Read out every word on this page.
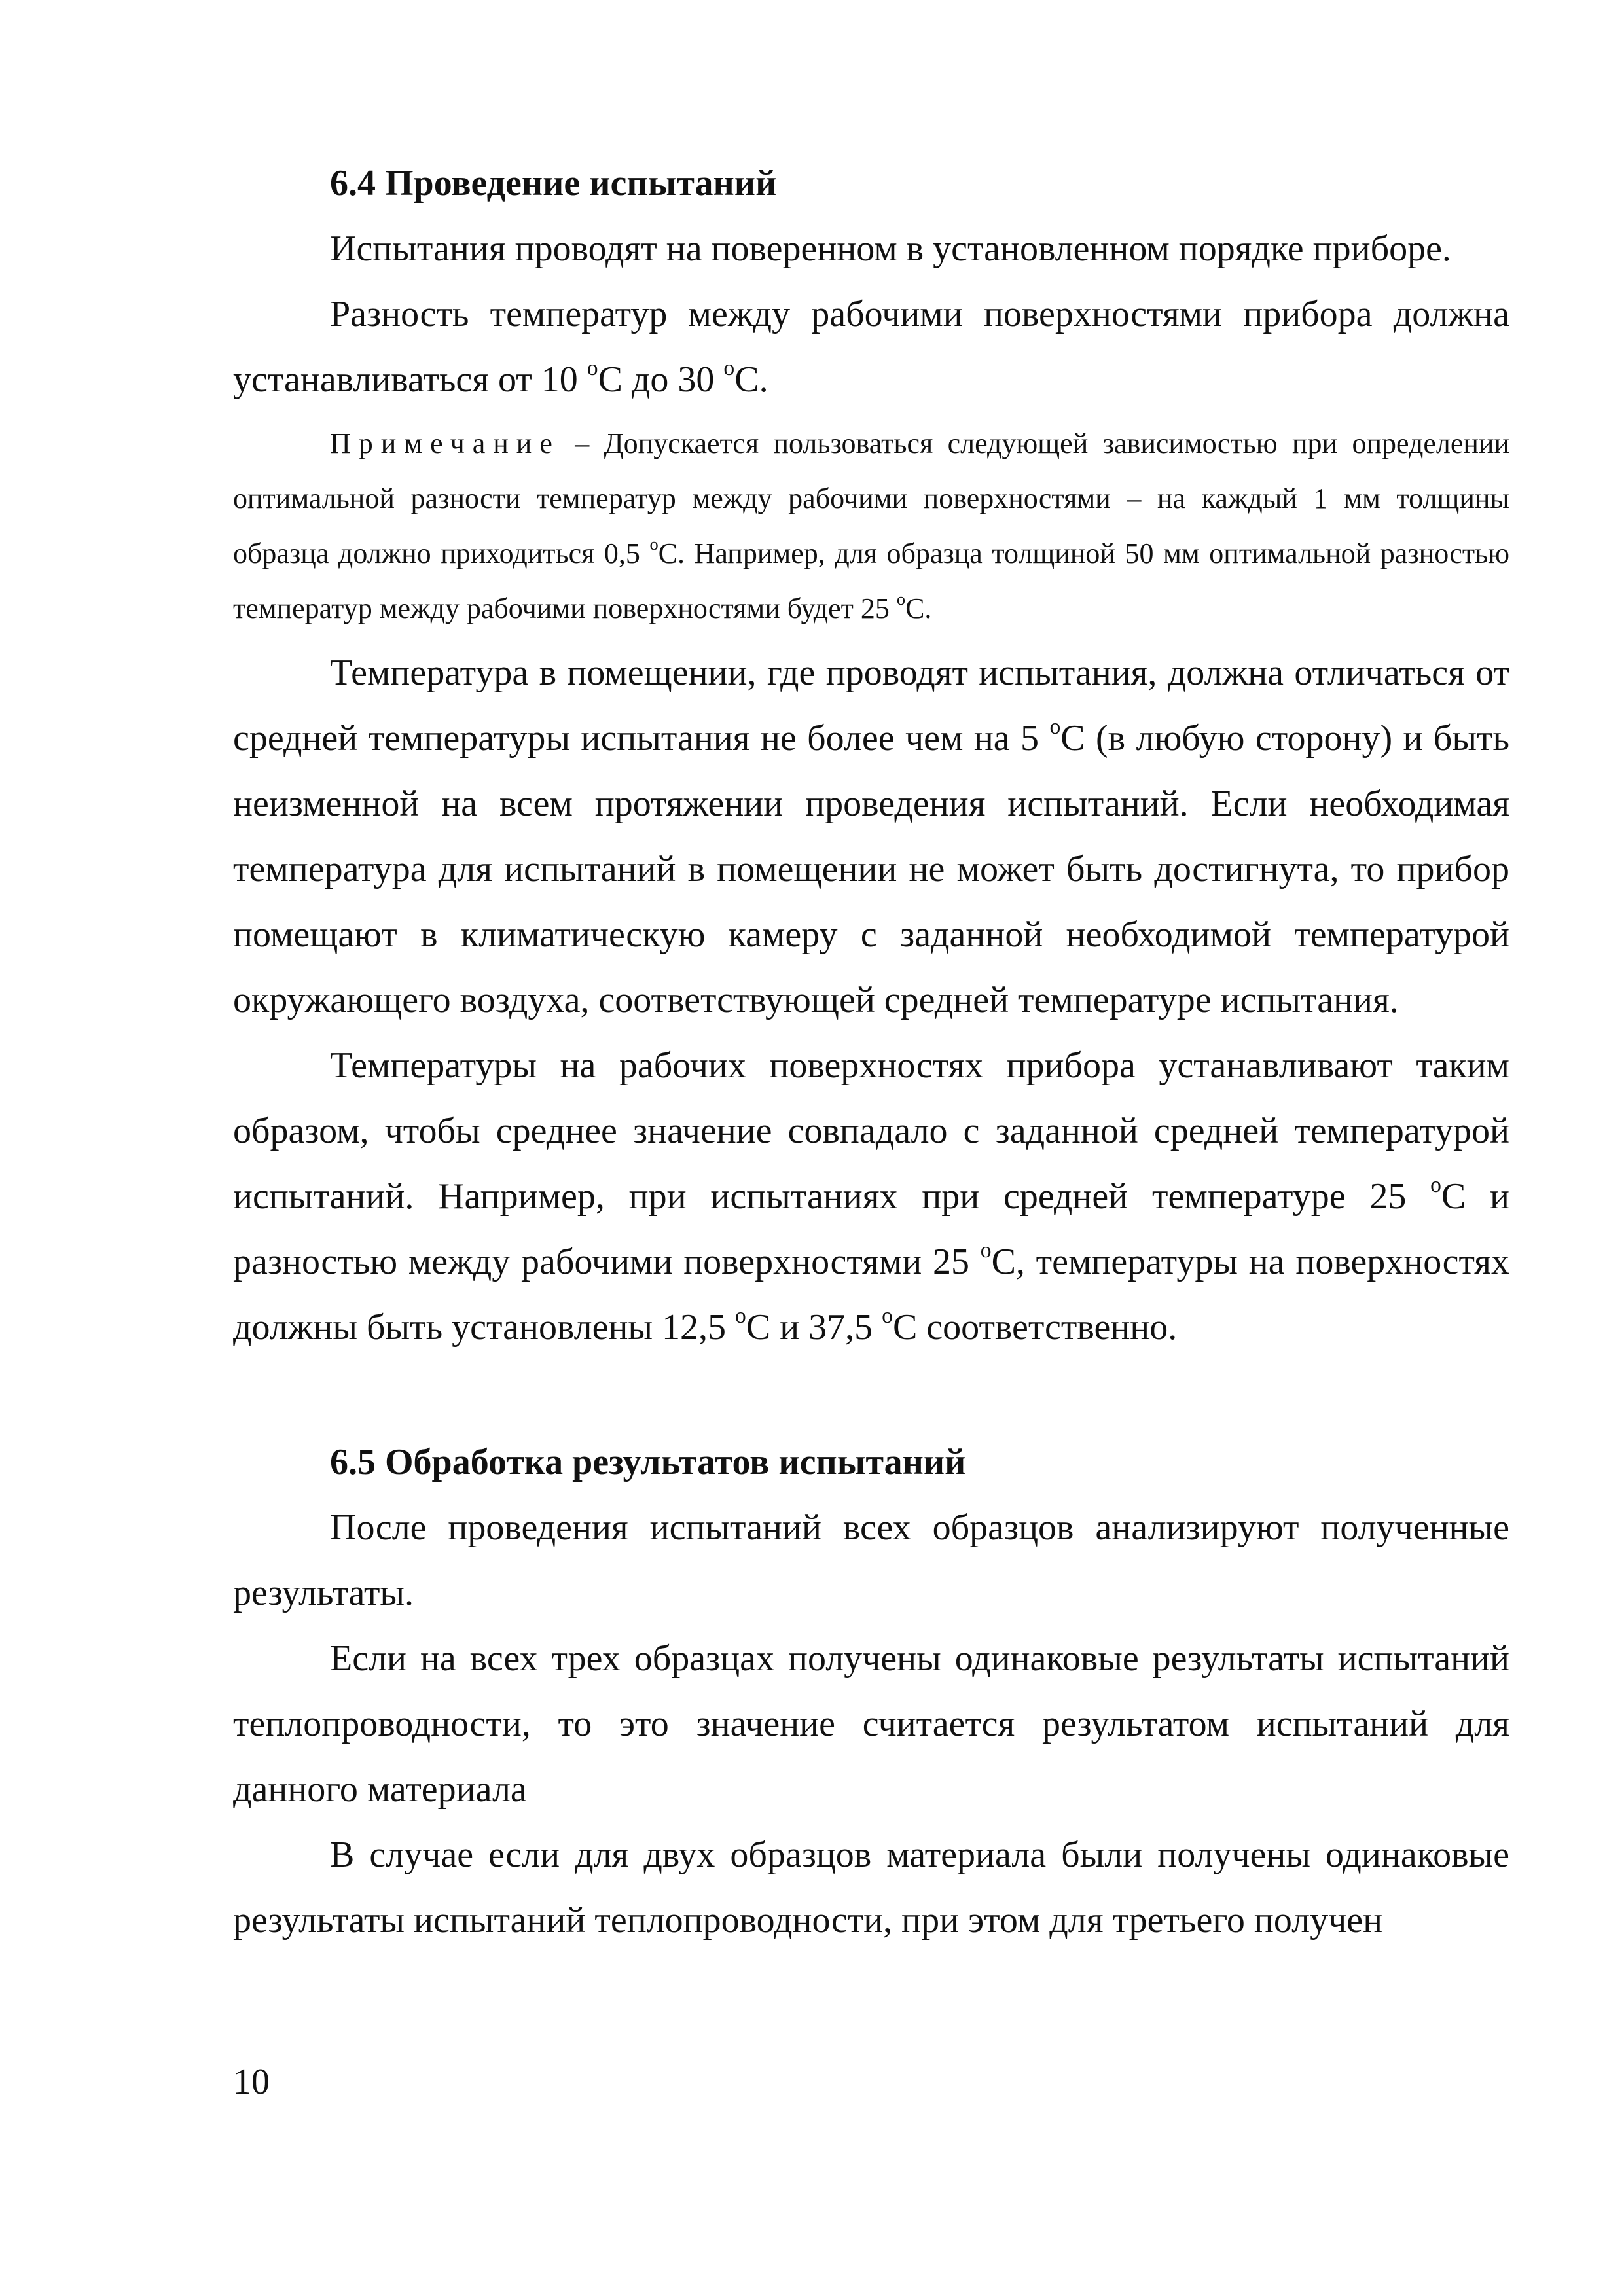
6.4 Проведение испытаний

Испытания проводят на поверенном в установленном порядке приборе.

Разность температур между рабочими поверхностями прибора должна устанавливаться от 10 $^о$С до 30 $^о$С.

Примечание – Допускается пользоваться следующей зависимостью при определении оптимальной разности температур между рабочими поверхностями – на каждый 1 мм толщины образца должно приходиться 0,5 $^о$С. Например, для образца толщиной 50 мм оптимальной разностью температур между рабочими поверхностями будет 25 $^о$С.

Температура в помещении, где проводят испытания, должна отличаться от средней температуры испытания не более чем на 5 $^о$С (в любую сторону) и быть неизменной на всем протяжении проведения испытаний. Если необходимая температура для испытаний в помещении не может быть достигнута, то прибор помещают в климатическую камеру с заданной необходимой температурой окружающего воздуха, соответствующей средней температуре испытания.

Температуры на рабочих поверхностях прибора устанавливают таким образом, чтобы среднее значение совпадало с заданной средней температурой испытаний. Например, при испытаниях при средней температуре 25 $^о$С и разностью между рабочими поверхностями 25 $^о$С, температуры на поверхностях должны быть установлены 12,5 $^о$С и 37,5 $^о$С соответственно.

6.5 Обработка результатов испытаний

После проведения испытаний всех образцов анализируют полученные результаты.

Если на всех трех образцах получены одинаковые результаты испытаний теплопроводности, то это значение считается результатом испытаний для данного материала

В случае если для двух образцов материала были получены одинаковые результаты испытаний теплопроводности, при этом для третьего получен

10
